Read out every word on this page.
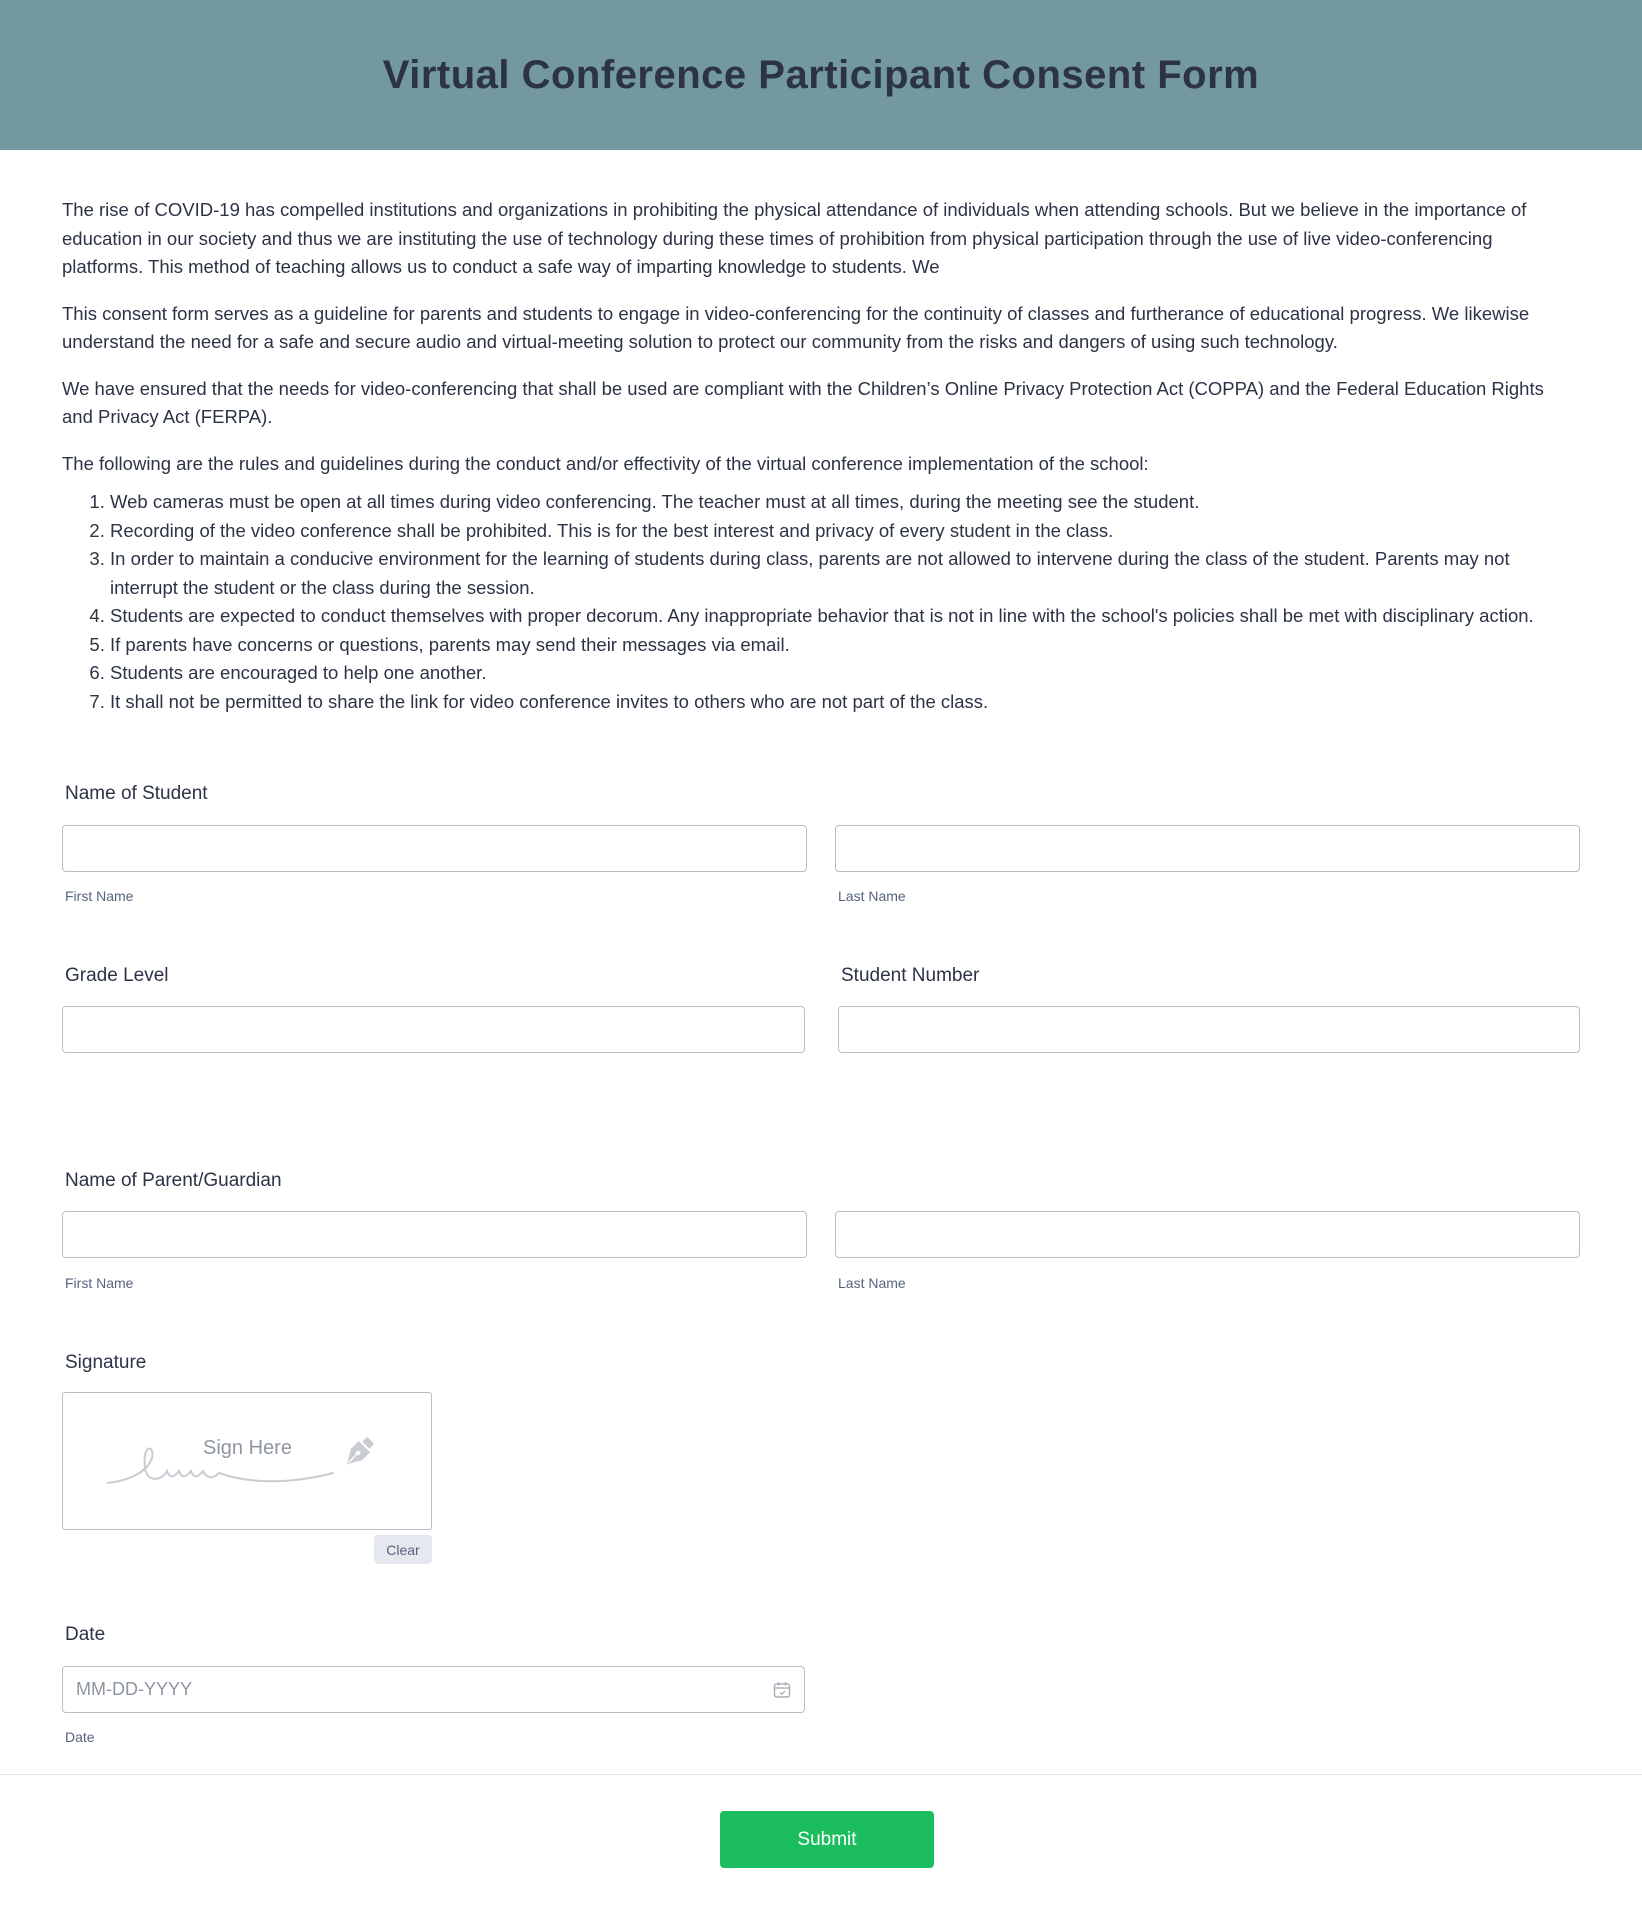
Virtual Conference Participant Consent Form

The rise of COVID-19 has compelled institutions and organizations in prohibiting the physical attendance of individuals when attending schools. But we believe in the importance of education in our society and thus we are instituting the use of technology during these times of prohibition from physical participation through the use of live video-conferencing platforms. This method of teaching allows us to conduct a safe way of imparting knowledge to students. We

This consent form serves as a guideline for parents and students to engage in video-conferencing for the continuity of classes and furtherance of educational progress. We likewise understand the need for a safe and secure audio and virtual-meeting solution to protect our community from the risks and dangers of using such technology.

We have ensured that the needs for video-conferencing that shall be used are compliant with the Children’s Online Privacy Protection Act (COPPA) and the Federal Education Rights and Privacy Act (FERPA).

The following are the rules and guidelines during the conduct and/or effectivity of the virtual conference implementation of the school:

1. Web cameras must be open at all times during video conferencing. The teacher must at all times, during the meeting see the student.
2. Recording of the video conference shall be prohibited. This is for the best interest and privacy of every student in the class.
3. In order to maintain a conducive environment for the learning of students during class, parents are not allowed to intervene during the class of the student. Parents may not interrupt the student or the class during the session.
4. Students are expected to conduct themselves with proper decorum. Any inappropriate behavior that is not in line with the school's policies shall be met with disciplinary action.
5. If parents have concerns or questions, parents may send their messages via email.
6. Students are encouraged to help one another.
7. It shall not be permitted to share the link for video conference invites to others who are not part of the class.
Name of Student
First Name	Last Name
Grade Level	Student Number
Name of Parent/Guardian
First Name	Last Name
Signature
Sign Here
Clear
Date
MM-DD-YYYY
Date
Submit
